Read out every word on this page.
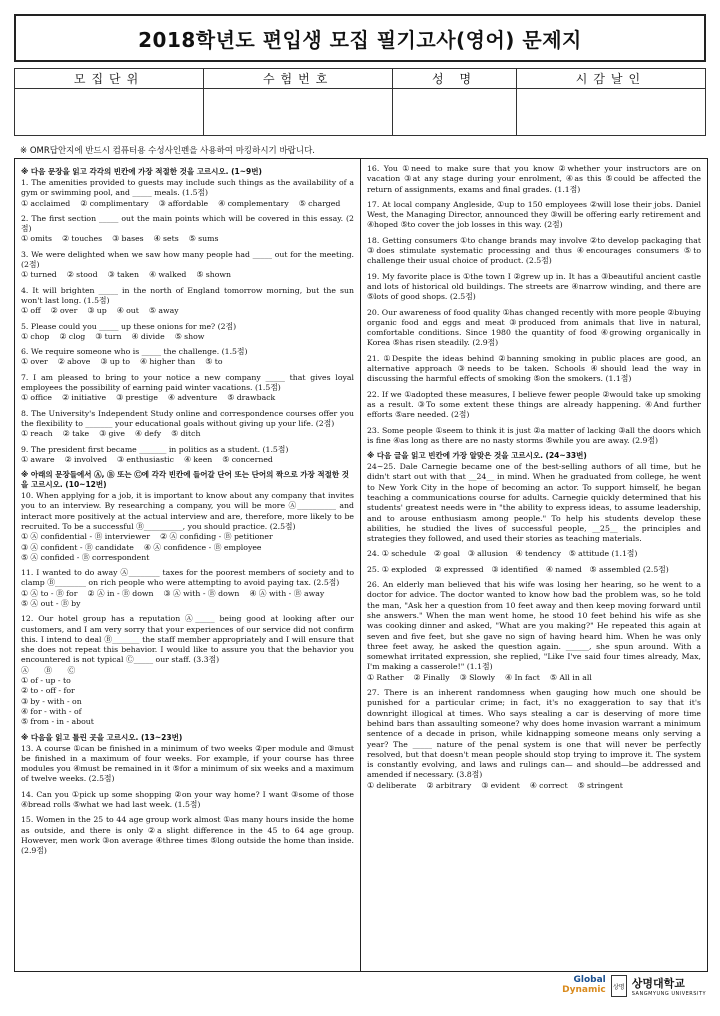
2018학년도 편입생 모집 필기고사(영어) 문제지
모집단위	수험번호	성 명	시감날인

※ OMR답안지에 반드시 컴퓨터용 수성사인펜을 사용하여 마킹하시기 바랍니다.
※ 다음 문장을 읽고 각각의 빈칸에 가장 적절한 것을 고르시오. (1~9번)
1. The amenities provided to guests may include such things as the availability of a gym or swimming pool, and _____ meals. (1.5점)
① acclaimed ② complimentary ③ affordable ④ complementary ⑤ charged
2. The first section _____ out the main points which will be covered in this essay. (2점)
① omits ② touches ③ bases ④ sets ⑤ sums
3. We were delighted when we saw how many people had _____ out for the meeting. (2점)
① turned ② stood ③ taken ④ walked ⑤ shown
4. It will brighten _____ in the north of England tomorrow morning, but the sun won't last long. (1.5점)
① off ② over ③ up ④ out ⑤ away
5. Please could you _____ up these onions for me? (2점)
① chop ② clog ③ turn ④ divide ⑤ show
6. We require someone who is _____ the challenge. (1.5점)
① over ② above ③ up to ④ higher than ⑤ to
7. I am pleased to bring to your notice a new company _____ that gives loyal employees the possibility of earning paid winter vacations. (1.5점)
① office ② initiative ③ prestige ④ adventure ⑤ drawback
8. The University's Independent Study online and correspondence courses offer you the flexibility to _______ your educational goals without giving up your life. (2점)
① reach ② take ③ give ④ defy ⑤ ditch
9. The president first became _______ in politics as a student. (1.5점)
① aware ② involved ③ enthusiastic ④ keen ⑤ concerned
※ 아래의 문장들에서 Ⓐ, Ⓑ 또는 Ⓒ에 각각 빈칸에 들어갈 단어 또는 단어의 짝으로 가장 적절한 것을 고르시오. (10~12번)
10. When applying for a job, it is important to know about any company that invites you to an interview. By researching a company, you will be more Ⓐ__________ and interact more positively at the actual interview and are, therefore, more likely to be recruited. To be a successful Ⓑ__________, you should practice. (2.5점)
① Ⓐ confidential - Ⓑ interviewer ② Ⓐ confiding - Ⓑ petitioner
③ Ⓐ confident - Ⓑ candidate ④ Ⓐ confidence - Ⓑ employee
⑤ Ⓐ confided - Ⓑ correspondent
11. I wanted to do away Ⓐ________ taxes for the poorest members of society and to clamp Ⓑ________ on rich people who were attempting to avoid paying tax. (2.5점)
① Ⓐ to - Ⓑ for ② Ⓐ in - Ⓑ down ③ Ⓐ with - Ⓑ down ④ Ⓐ with - Ⓑ away
⑤ Ⓐ out - Ⓑ by
12. Our hotel group has a reputation Ⓐ_____ being good at looking after our customers, and I am very sorry that your experiences of our service did not confirm this. I intend to deal Ⓑ_______ the staff member appropriately and I will ensure that she does not repeat this behavior. I would like to assure you that the behavior you encountered is not typical Ⓒ_____ our staff. (3.3점)
Ⓐ　　Ⓑ　　Ⓒ
① of - up - to
② to - off - for
③ by - with - on
④ for - with - of
⑤ from - in - about
※ 다음을 읽고 틀린 곳을 고르시오. (13~23번)
13. A course ①can be finished in a minimum of two weeks ②per module and ③must be finished in a maximum of four weeks. For example, if your course has three modules you ④must be remained in it ⑤for a minimum of six weeks and a maximum of twelve weeks. (2.5점)
14. Can you ①pick up some shopping ②on your way home? I want ③some of those ④bread rolls ⑤what we had last week. (1.5점)
15. Women in the 25 to 44 age group work almost ①as many hours inside the home as outside, and there is only ②a slight difference in the 45 to 64 age group. However, men work ③on average ④three times ⑤long outside the home than inside. (2.9점)
16. You ①need to make sure that you know ②whether your instructors are on vacation ③at any stage during your enrolment, ④as this ⑤could be affected the return of assignments, exams and final grades. (1.1점)
17. At local company Angleside, ①up to 150 employees ②will lose their jobs. Daniel West, the Managing Director, announced they ③will be offering early retirement and ④hoped ⑤to cover the job losses in this way. (2점)
18. Getting consumers ①to change brands may involve ②to develop packaging that ③does stimulate systematic processing and thus ④encourages consumers ⑤to challenge their usual choice of product. (2.5점)
19. My favorite place is ①the town I ②grew up in. It has a ③beautiful ancient castle and lots of historical old buildings. The streets are ④narrow winding, and there are ⑤lots of good shops. (2.5점)
20. Our awareness of food quality ①has changed recently with more people ②buying organic food and eggs and meat ③produced from animals that live in natural, comfortable conditions. Since 1980 the quantity of food ④growing organically in Korea ⑤has risen steadily. (2.9점)
21. ①Despite the ideas behind ②banning smoking in public places are good, an alternative approach ③needs to be taken. Schools ④should lead the way in discussing the harmful effects of smoking ⑤on the smokers. (1.1점)
22. If we ①adopted these measures, I believe fewer people ②would take up smoking as a result. ③To some extent these things are already happening. ④And further efforts ⑤are needed. (2점)
23. Some people ①seem to think it is just ②a matter of lacking ③all the doors which is fine ④as long as there are no nasty storms ⑤while you are away. (2.9점)
※ 다음 글을 읽고 빈칸에 가장 알맞은 것을 고르시오. (24~33번)
24~25. Dale Carnegie became one of the best-selling authors of all time, but he didn't start out with that __24__ in mind. When he graduated from college, he went to New York City in the hope of becoming an actor. To support himself, he began teaching a communications course for adults. Carnegie quickly determined that his students' greatest needs were in "the ability to express ideas, to assume leadership, and to arouse enthusiasm among people." To help his students develop these abilities, he studied the lives of successful people, __25__ the principles and strategies they followed, and used their stories as teaching materials.
24. ① schedule　② goal　③ allusion　④ tendency　⑤ attitude (1.1점)
25. ① exploded　② expressed　③ identified　④ named　⑤ assembled (2.5점)
26. An elderly man believed that his wife was losing her hearing, so he went to a doctor for advice. The doctor wanted to know how bad the problem was, so he told the man, "Ask her a question from 10 feet away and then keep moving forward until she answers." When the man went home, he stood 10 feet behind his wife as she was cooking dinner and asked, "What are you making?" He repeated this again at seven and five feet, but she gave no sign of having heard him. When he was only three feet away, he asked the question again. ______, she spun around. With a somewhat irritated expression, she replied, "Like I've said four times already, Max, I'm making a casserole!" (1.1점)
① Rather ② Finally ③ Slowly ④ In fact ⑤ All in all
27. There is an inherent randomness when gauging how much one should be punished for a particular crime; in fact, it's no exaggeration to say that it's downright illogical at times. Who says stealing a car is deserving of more time behind bars than assaulting someone? why does home invasion warrant a minimum sentence of a decade in prison, while kidnapping someone means only serving a year? The _____ nature of the penal system is one that will never be perfectly resolved, but that doesn't mean people should stop trying to improve it. The system is constantly evolving, and laws and rulings can— and should—be addressed and amended if necessary. (3.8점)
① deliberate ② arbitrary ③ evident ④ correct ⑤ stringent
Global
Dynamic	상명 상명대학교
SANGMYUNG UNIVERSITY
